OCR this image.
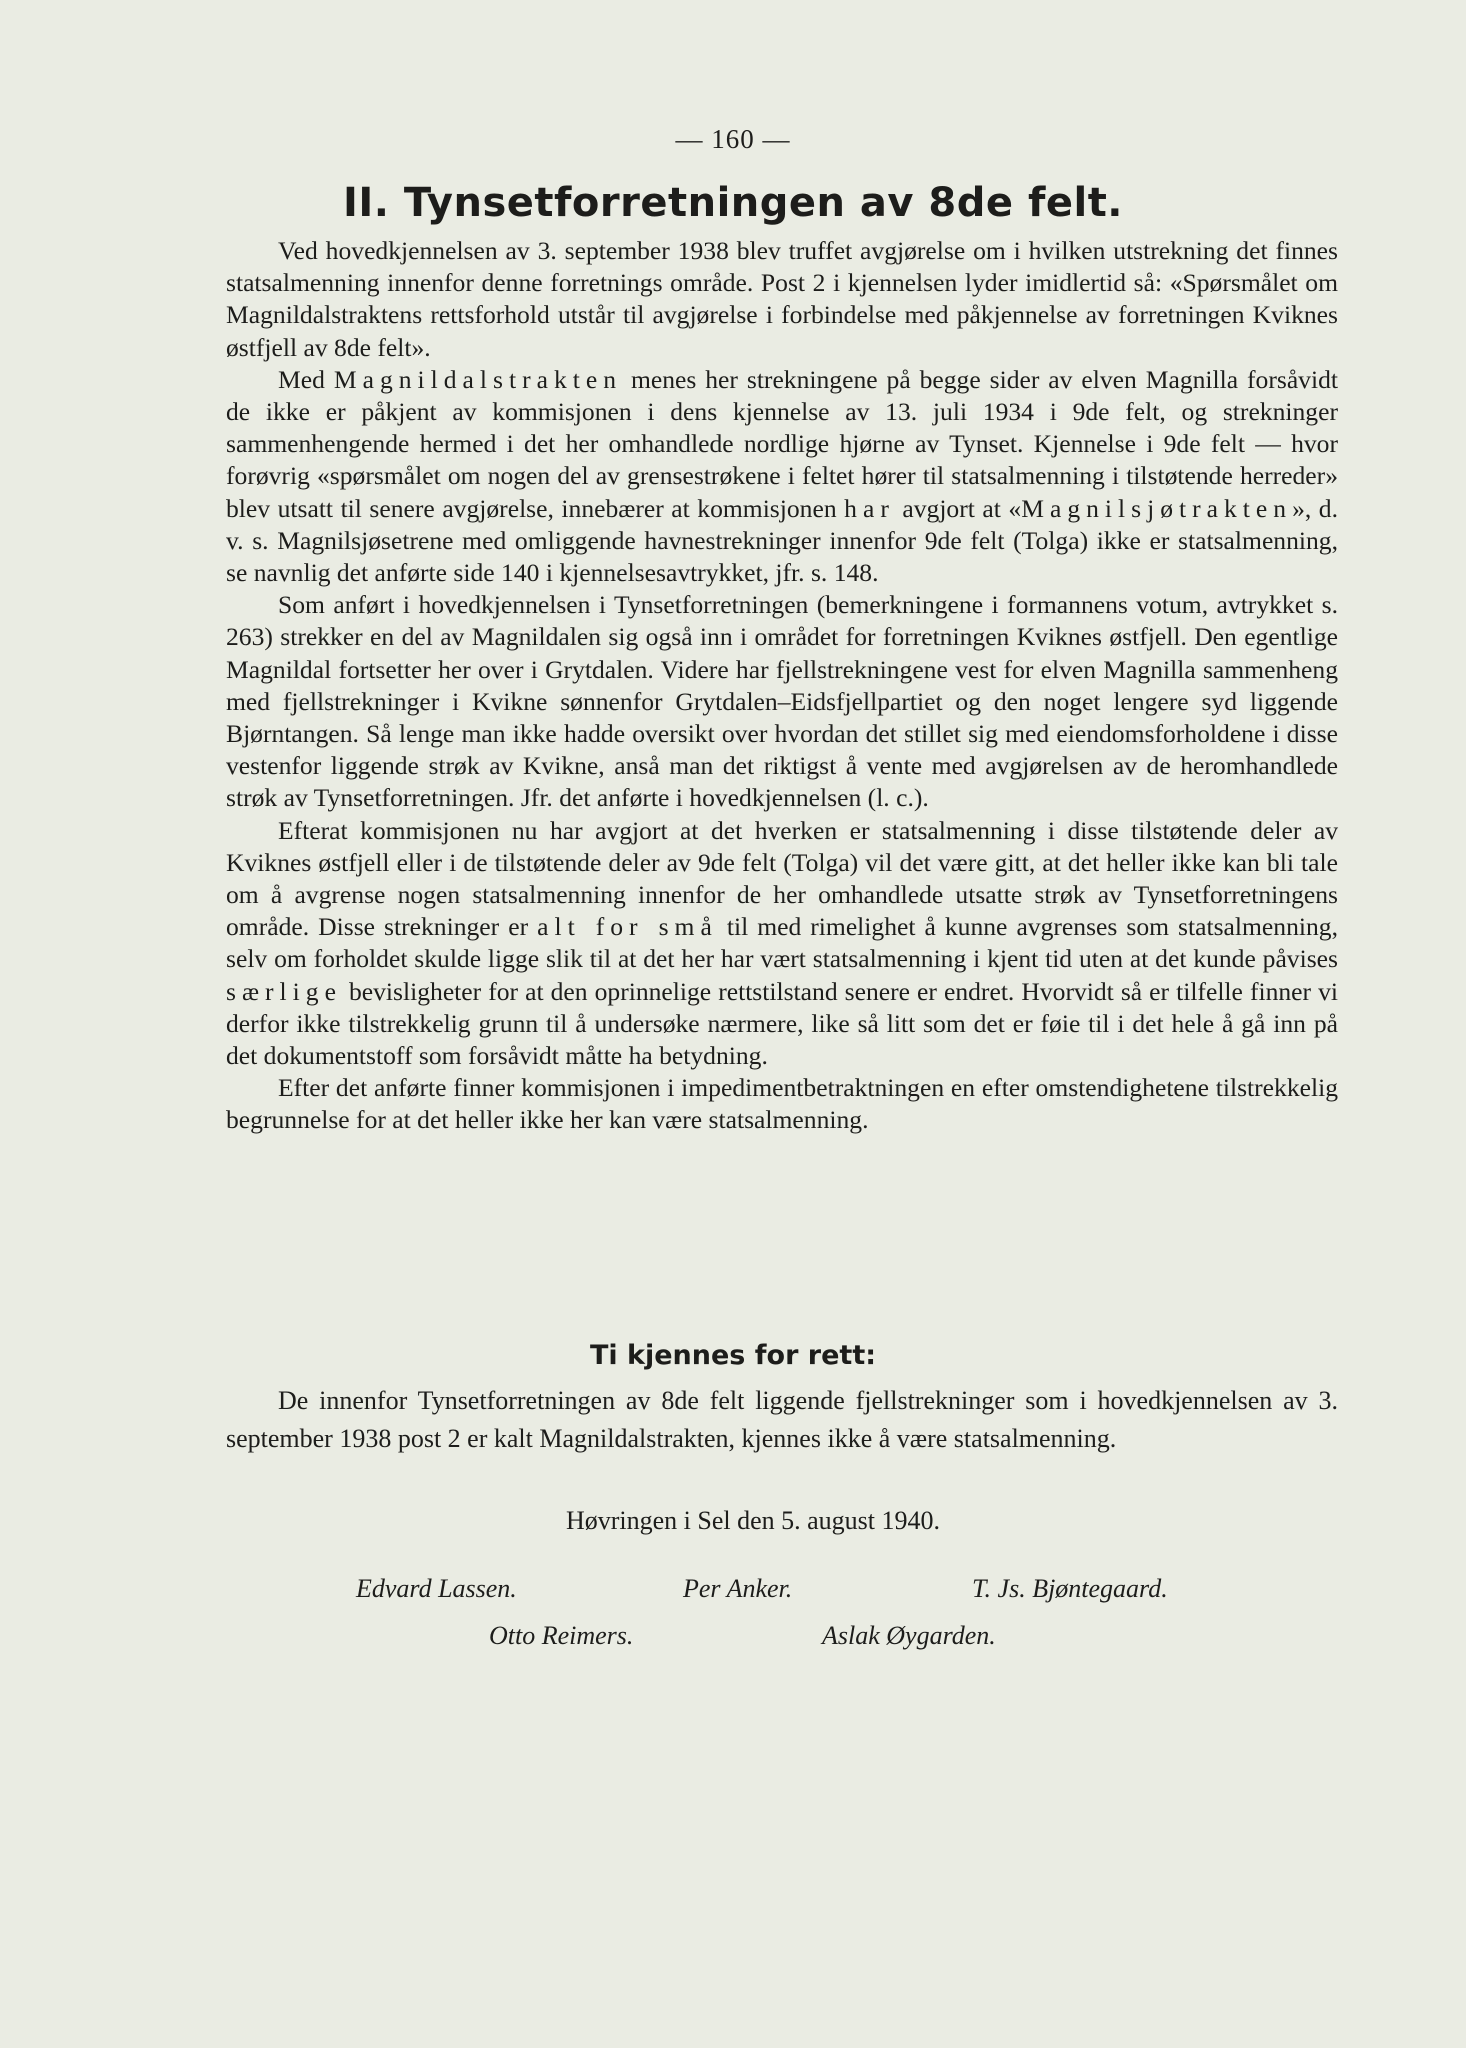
— 160 —
II. Tynsetforretningen av 8de felt.

Ved hovedkjennelsen av 3. september 1938 blev truffet avgjørelse om i hvilken utstrekning det finnes statsalmenning innenfor denne forretnings område. Post 2 i kjennelsen lyder imidlertid så: «Spørsmålet om Magnildalstraktens rettsforhold utstår til avgjørelse i forbindelse med påkjennelse av forretningen Kviknes østfjell av 8de felt».

Med Magnildalstrakten menes her strekningene på begge sider av elven Magnilla forsåvidt de ikke er påkjent av kommisjonen i dens kjennelse av 13. juli 1934 i 9de felt, og strekninger sammenhengende hermed i det her omhandlede nordlige hjørne av Tynset. Kjennelse i 9de felt — hvor forøvrig «spørsmålet om nogen del av grensestrøkene i feltet hører til statsalmenning i tilstøtende herreder» blev utsatt til senere avgjørelse, innebærer at kommisjonen har avgjort at «Magnilsjøtrakten», d. v. s. Magnilsjøsetrene med omliggende havnestrekninger innenfor 9de felt (Tolga) ikke er statsalmenning, se navnlig det anførte side 140 i kjennelsesavtrykket, jfr. s. 148.

Som anført i hovedkjennelsen i Tynsetforretningen (bemerkningene i formannens votum, avtrykket s. 263) strekker en del av Magnildalen sig også inn i området for forretningen Kviknes østfjell. Den egentlige Magnildal fortsetter her over i Grytdalen. Videre har fjellstrekningene vest for elven Magnilla sammenheng med fjellstrekninger i Kvikne sønnenfor Grytdalen–Eidsfjellpartiet og den noget lengere syd liggende Bjørntangen. Så lenge man ikke hadde oversikt over hvordan det stillet sig med eiendomsforholdene i disse vestenfor liggende strøk av Kvikne, anså man det riktigst å vente med avgjørelsen av de heromhandlede strøk av Tynsetforretningen. Jfr. det anførte i hovedkjennelsen (l. c.).

Efterat kommisjonen nu har avgjort at det hverken er statsalmenning i disse tilstøtende deler av Kviknes østfjell eller i de tilstøtende deler av 9de felt (Tolga) vil det være gitt, at det heller ikke kan bli tale om å avgrense nogen statsalmenning innenfor de her omhandlede utsatte strøk av Tynsetforretningens område. Disse strekninger er alt for små til med rimelighet å kunne avgrenses som statsalmenning, selv om forholdet skulde ligge slik til at det her har vært statsalmenning i kjent tid uten at det kunde påvises særlige bevisligheter for at den oprinnelige rettstilstand senere er endret. Hvorvidt så er tilfelle finner vi derfor ikke tilstrekkelig grunn til å undersøke nærmere, like så litt som det er føie til i det hele å gå inn på det dokumentstoff som forsåvidt måtte ha betydning.

Efter det anførte finner kommisjonen i impedimentbetraktningen en efter omstendighetene tilstrekkelig begrunnelse for at det heller ikke her kan være statsalmenning.

Ti kjennes for rett:

De innenfor Tynsetforretningen av 8de felt liggende fjellstrekninger som i hovedkjennelsen av 3. september 1938 post 2 er kalt Magnildalstrakten, kjennes ikke å være statsalmenning.

Høvringen i Sel den 5. august 1940.
Edvard Lassen.	Per Anker.	T. Js. Bjøntegaard.
Otto Reimers.	Aslak Øygarden.
